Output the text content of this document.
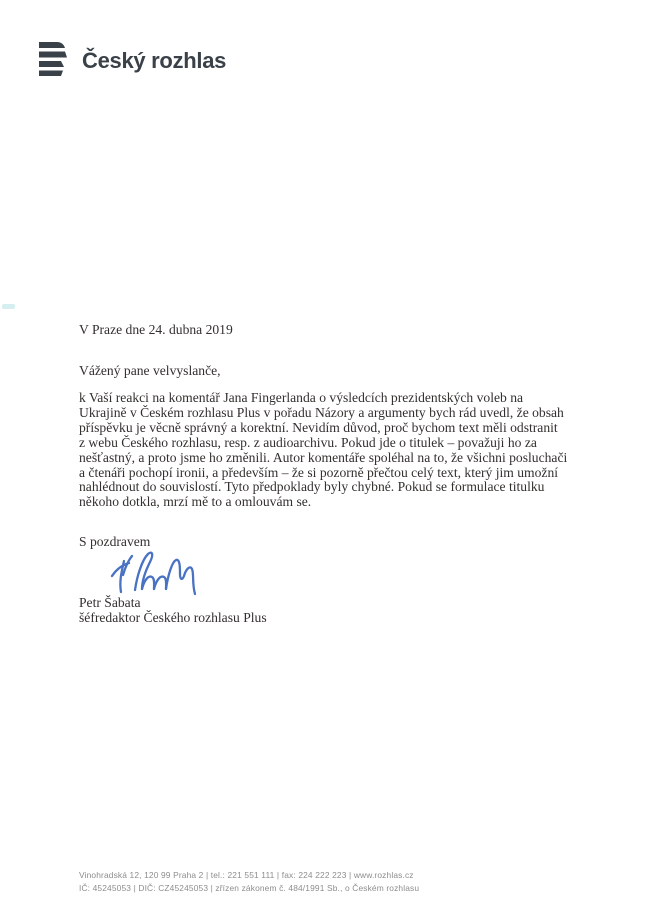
Český rozhlas
V Praze dne 24. dubna 2019
Vážený pane velvyslanče,
k Vaší reakci na komentář Jana Fingerlanda o výsledcích prezidentských voleb na
Ukrajině v Českém rozhlasu Plus v pořadu Názory a argumenty bych rád uvedl, že obsah
příspěvku je věcně správný a korektní. Nevidím důvod, proč bychom text měli odstranit
z webu Českého rozhlasu, resp. z audioarchivu. Pokud jde o titulek – považuji ho za
nešťastný, a proto jsme ho změnili. Autor komentáře spoléhal na to, že všichni posluchači
a čtenáři pochopí ironii, a především – že si pozorně přečtou celý text, který jim umožní
nahlédnout do souvislostí. Tyto předpoklady byly chybné. Pokud se formulace titulku
někoho dotkla, mrzí mě to a omlouvám se.
S pozdravem
Petr Šabata
šéfredaktor Českého rozhlasu Plus
Vinohradská 12, 120 99 Praha 2 | tel.: 221 551 111 | fax: 224 222 223 | www.rozhlas.cz
IČ: 45245053 | DIČ: CZ45245053 | zřízen zákonem č. 484/1991 Sb., o Českém rozhlasu
